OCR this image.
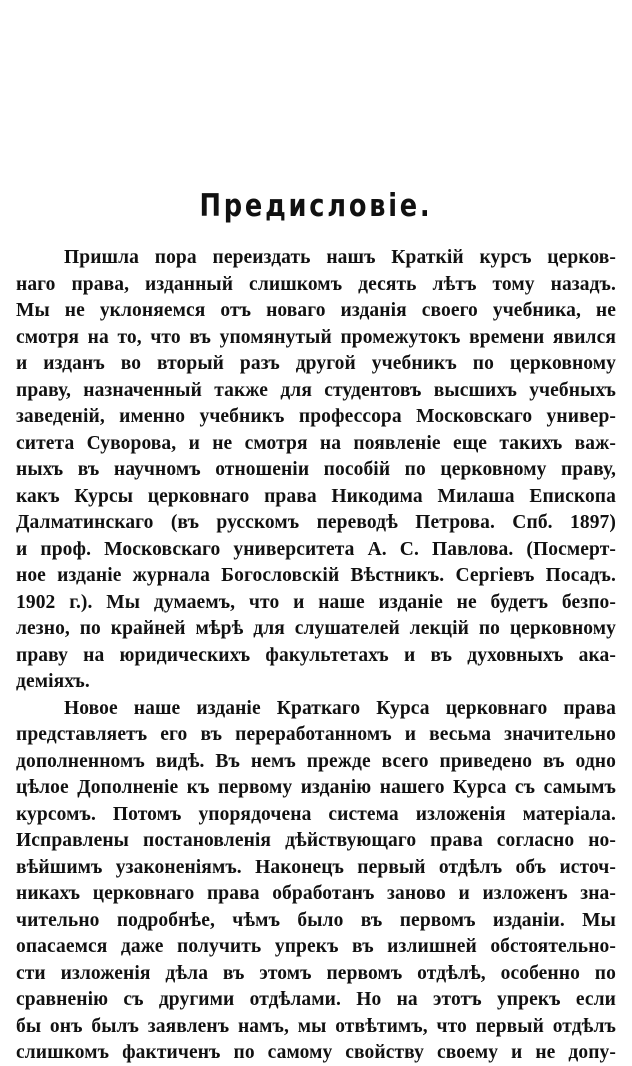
Предисловіе.
Пришла пора переиздать нашъ Краткій курсъ церков-
наго права, изданный слишкомъ десять лѣтъ тому назадъ.
Мы не уклоняемся отъ новаго изданія своего учебника, не
смотря на то, что въ упомянутый промежутокъ времени явился
и изданъ во вторый разъ другой учебникъ по церковному
праву, назначенный также для студентовъ высшихъ учебныхъ
заведеній, именно учебникъ профессора Московскаго универ-
ситета Суворова, и не смотря на появленіе еще такихъ важ-
ныхъ въ научномъ отношеніи пособій по церковному праву,
какъ Курсы церковнаго права Никодима Милаша Епископа
Далматинскаго (въ русскомъ переводѣ Петрова. Спб. 1897)
и проф. Московскаго университета А. С. Павлова. (Посмерт-
ное изданіе журнала Богословскій Вѣстникъ. Сергіевъ Посадъ.
1902 г.). Мы думаемъ, что и наше изданіе не будетъ безпо-
лезно, по крайней мѣрѣ для слушателей лекцій по церковному
праву на юридическихъ факультетахъ и въ духовныхъ ака-
деміяхъ.
Новое наше изданіе Краткаго Курса церковнаго права
представляетъ его въ переработанномъ и весьма значительно
дополненномъ видѣ. Въ немъ прежде всего приведено въ одно
цѣлое Дополненіе къ первому изданію нашего Курса съ самымъ
курсомъ. Потомъ упорядочена система изложенія матеріала.
Исправлены постановленія дѣйствующаго права согласно но-
вѣйшимъ узаконеніямъ. Наконецъ первый отдѣлъ объ источ-
никахъ церковнаго права обработанъ заново и изложенъ зна-
чительно подробнѣе, чѣмъ было въ первомъ изданіи. Мы
опасаемся даже получить упрекъ въ излишней обстоятельно-
сти изложенія дѣла въ этомъ первомъ отдѣлѣ, особенно по
сравненію съ другими отдѣлами. Но на этотъ упрекъ если
бы онъ былъ заявленъ намъ, мы отвѣтимъ, что первый отдѣлъ
слишкомъ фактиченъ по самому свойству своему и не допу-
